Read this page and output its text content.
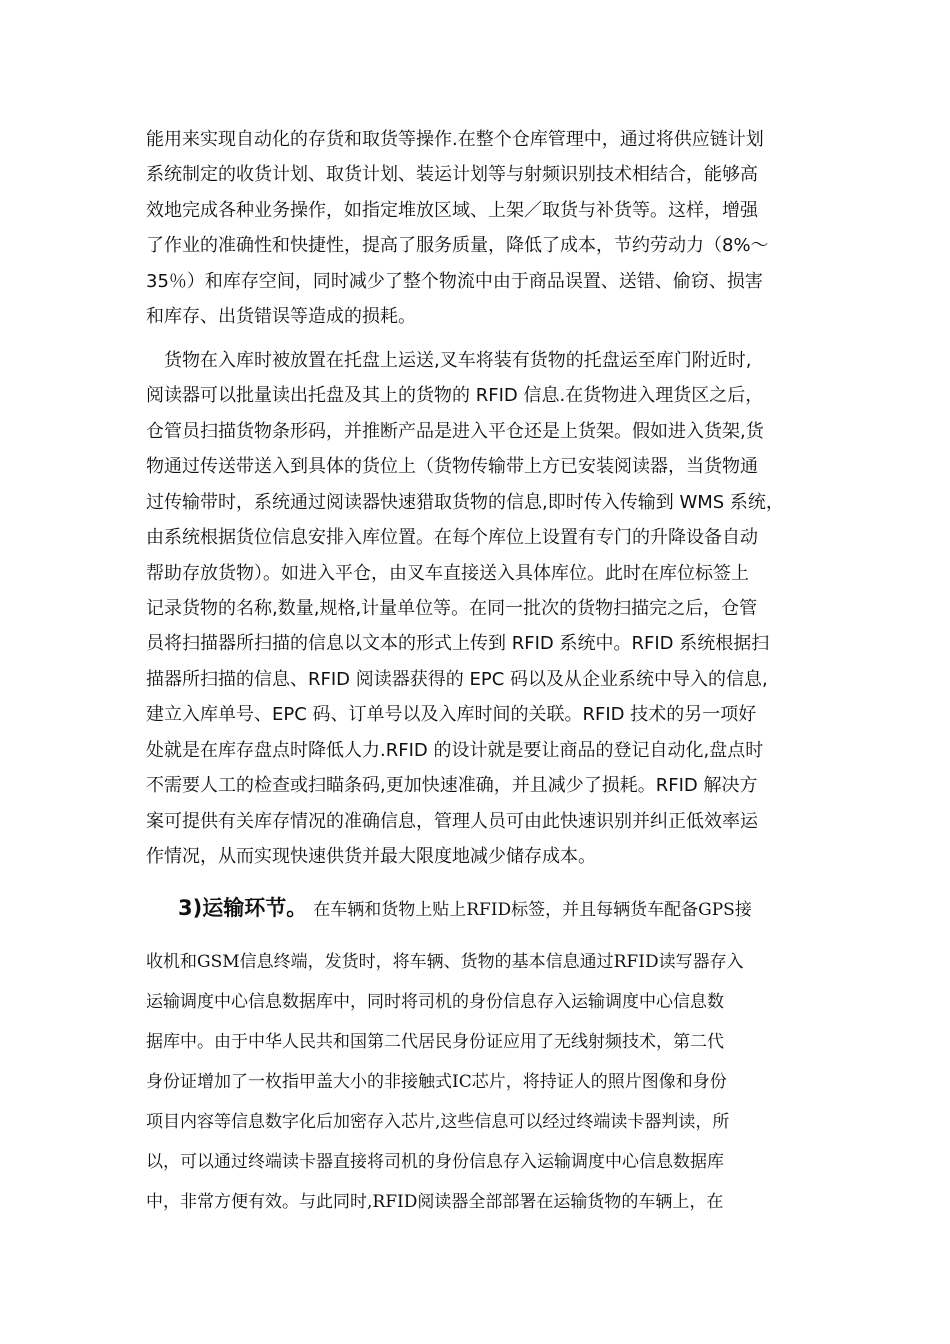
能用来实现自动化的存货和取货等操作.在整个仓库管理中，通过将供应链计划
系统制定的收货计划、取货计划、装运计划等与射频识别技术相结合，能够高
效地完成各种业务操作，如指定堆放区域、上架／取货与补货等。这样，增强
了作业的准确性和快捷性，提高了服务质量，降低了成本，节约劳动力（8%～
35％）和库存空间，同时减少了整个物流中由于商品误置、送错、偷窃、损害
和库存、出货错误等造成的损耗。
货物在入库时被放置在托盘上运送,叉车将装有货物的托盘运至库门附近时,
阅读器可以批量读出托盘及其上的货物的 RFID 信息.在货物进入理货区之后，
仓管员扫描货物条形码，并推断产品是进入平仓还是上货架。假如进入货架,货
物通过传送带送入到具体的货位上（货物传输带上方已安装阅读器，当货物通
过传输带时，系统通过阅读器快速猎取货物的信息,即时传入传输到 WMS 系统，
由系统根据货位信息安排入库位置。在每个库位上设置有专门的升降设备自动
帮助存放货物）。如进入平仓，由叉车直接送入具体库位。此时在库位标签上
记录货物的名称,数量,规格,计量单位等。在同一批次的货物扫描完之后，仓管
员将扫描器所扫描的信息以文本的形式上传到 RFID 系统中。RFID 系统根据扫
描器所扫描的信息、RFID 阅读器获得的 EPC 码以及从企业系统中导入的信息,
建立入库单号、EPC 码、订单号以及入库时间的关联。RFID 技术的另一项好
处就是在库存盘点时降低人力.RFID 的设计就是要让商品的登记自动化,盘点时
不需要人工的检查或扫瞄条码,更加快速准确，并且减少了损耗。RFID 解决方
案可提供有关库存情况的准确信息，管理人员可由此快速识别并纠正低效率运
作情况，从而实现快速供货并最大限度地减少储存成本。
3)运输环节。 在车辆和货物上贴上RFID标签，并且每辆货车配备GPS接
收机和GSM信息终端，发货时，将车辆、货物的基本信息通过RFID读写器存入
运输调度中心信息数据库中，同时将司机的身份信息存入运输调度中心信息数
据库中。由于中华人民共和国第二代居民身份证应用了无线射频技术，第二代
身份证增加了一枚指甲盖大小的非接触式IC芯片，将持证人的照片图像和身份
项目内容等信息数字化后加密存入芯片,这些信息可以经过终端读卡器判读，所
以，可以通过终端读卡器直接将司机的身份信息存入运输调度中心信息数据库
中，非常方便有效。与此同时,RFID阅读器全部部署在运输货物的车辆上，在
